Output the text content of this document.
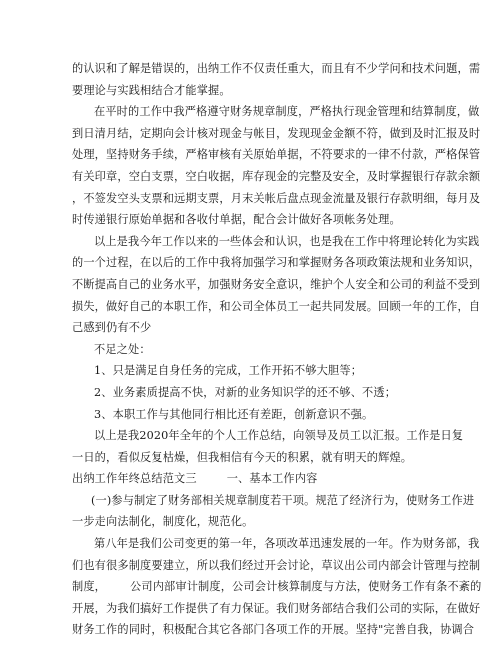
的认识和了解是错误的，出纳工作不仅责任重大，而且有不少学问和技术问题，需
要理论与实践相结合才能掌握。
在平时的工作中我严格遵守财务规章制度，严格执行现金管理和结算制度，做
到日清月结，定期向会计核对现金与帐目，发现现金金额不符，做到及时汇报及时
处理，坚持财务手续，严格审核有关原始单据，不符要求的一律不付款，严格保管
有关印章，空白支票，空白收据，库存现金的完整及安全，及时掌握银行存款余额
，不签发空头支票和远期支票，月末关帐后盘点现金流量及银行存款明细，每月及
时传递银行原始单据和各收付单据，配合会计做好各项帐务处理。
以上是我今年工作以来的一些体会和认识，也是我在工作中将理论转化为实践
的一个过程，在以后的工作中我将加强学习和掌握财务各项政策法规和业务知识，
不断提高自己的业务水平，加强财务安全意识，维护个人安全和公司的利益不受到
损失，做好自己的本职工作，和公司全体员工一起共同发展。回顾一年的工作，自
己感到仍有不少
不足之处：
1、只是满足自身任务的完成，工作开拓不够大胆等；
2、业务素质提高不快，对新的业务知识学的还不够、不透；
3、本职工作与其他同行相比还有差距，创新意识不强。
以上是我2020年全年的个人工作总结，向领导及员工以汇报。工作是日复
一日的，看似反复枯燥，但我相信有今天的积累，就有明天的辉煌。
出纳工作年终总结范文三	一、基本工作内容
(一)参与制定了财务部相关规章制度若干项。规范了经济行为，使财务工作进
一步走向法制化，制度化，规范化。
第八年是我们公司变更的第一年，各项改革迅速发展的一年。作为财务部，我
们也有很多制度要建立，所以我们经过开会讨论，草议出公司内部会计管理与控制
制度， 公司内部审计制度，公司会计核算制度与方法，使财务工作有条不紊的
开展，为我们搞好工作提供了有力保证。我们财务部结合我们公司的实际，在做好
财务工作的同时，积极配合其它各部门各项工作的开展。坚持"完善自我，协调合
